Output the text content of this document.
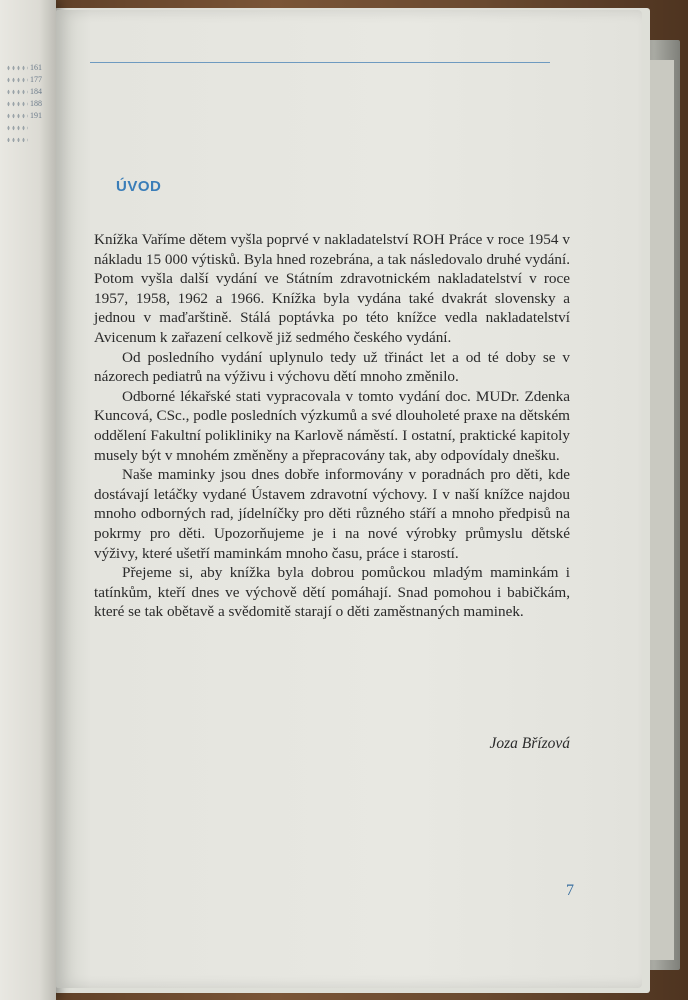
161
177
184
188
191
ÚVOD

Knížka Vaříme dětem vyšla poprvé v nakladatelství ROH Práce v roce 1954 v nákladu 15 000 výtisků. Byla hned rozebrána, a tak následovalo druhé vydání. Potom vyšla další vydání ve Státním zdravotnickém nakladatelství v roce 1957, 1958, 1962 a 1966. Knížka byla vydána také dvakrát slovensky a jednou v maďarštině. Stálá poptávka po této knížce vedla nakladatelství Avicenum k zařazení celkově již sedmého českého vydání.

Od posledního vydání uplynulo tedy už třináct let a od té doby se v názorech pediatrů na výživu i výchovu dětí mnoho změnilo.

Odborné lékařské stati vypracovala v tomto vydání doc. MUDr. Zdenka Kuncová, CSc., podle posledních výzkumů a své dlouholeté praxe na dětském oddělení Fakultní polikliniky na Karlově náměstí. I ostatní, praktické kapitoly musely být v mnohém změněny a přepracovány tak, aby odpovídaly dnešku.

Naše maminky jsou dnes dobře informovány v poradnách pro děti, kde dostávají letáčky vydané Ústavem zdravotní výchovy. I v naší knížce najdou mnoho odborných rad, jídelníčky pro děti různého stáří a mnoho předpisů na pokrmy pro děti. Upozorňujeme je i na nové výrobky průmyslu dětské výživy, které ušetří maminkám mnoho času, práce i starostí.

Přejeme si, aby knížka byla dobrou pomůckou mladým maminkám i tatínkům, kteří dnes ve výchově dětí pomáhají. Snad pomohou i babičkám, které se tak obětavě a svědomitě starají o děti zaměstnaných maminek.

Joza Břízová
7
